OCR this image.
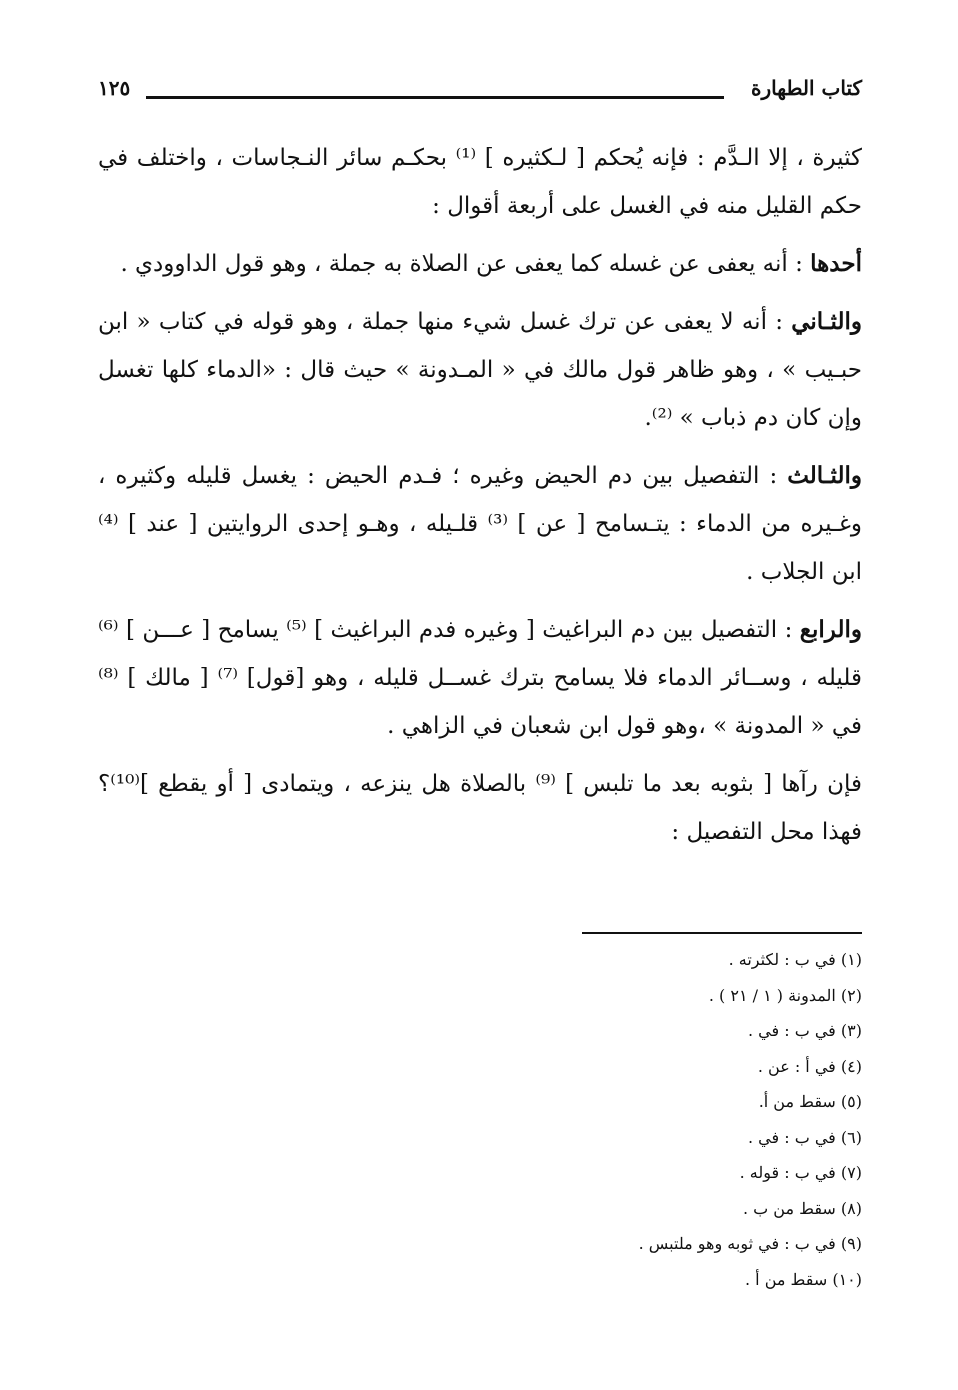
كتاب الطهارة
١٢٥

كثيرة ، إلا الـدَّم : فإنه يُحكم [ لـكثيره ] ⁽¹⁾ بحكـم سائر النـجاسات ، واختلف في حكم القليل منه في الغسل على أربعة أقوال :

أحدها : أنه يعفى عن غسله كما يعفى عن الصلاة به جملة ، وهو قول الداوودي .

والثـاني : أنه لا يعفى عن ترك غسل شيء منها جملة ، وهو قوله في كتاب « ابن حبـيب » ، وهو ظاهر قول مالك في « المـدونة » حيث قال : «الدماء كلها تغسل وإن كان دم ذباب » ⁽²⁾.

والثـالث : التفصيل بين دم الحيض وغيره ؛ فـدم الحيض : يغسل قليله وكثيره ، وغـيره من الدماء : يتـسامح [ عن ] ⁽³⁾ قلـيله ، وهـو إحدى الروايتين [ عند ] ⁽⁴⁾ ابن الجلاب .

والرابع : التفصيل بين دم البراغيث [ وغيره فدم البراغيث ] ⁽⁵⁾ يسامح [ عـــن ] ⁽⁶⁾ قليله ، وســائر الدماء فلا يسامح بترك غســل قليله ، وهو [قول] ⁽⁷⁾ [ مالك ] ⁽⁸⁾ في « المدونة » ،وهو قول ابن شعبان في الزاهي .

فإن رآها [ بثوبه بعد ما تلبس ] ⁽⁹⁾ بالصلاة هل ينزعه ، ويتمادى [ أو يقطع ]⁽¹⁰⁾؟ فهذا محل التفصيل :

(١) في ب : لكثرته .
(٢) المدونة ( ١ / ٢١ ) .
(٣) في ب : في .
(٤) في أ : عن .
(٥) سقط من أ.
(٦) في ب : في .
(٧) في ب : قوله .
(٨) سقط من ب .
(٩) في ب : في ثوبه وهو ملتبس .
(١٠) سقط من أ .
